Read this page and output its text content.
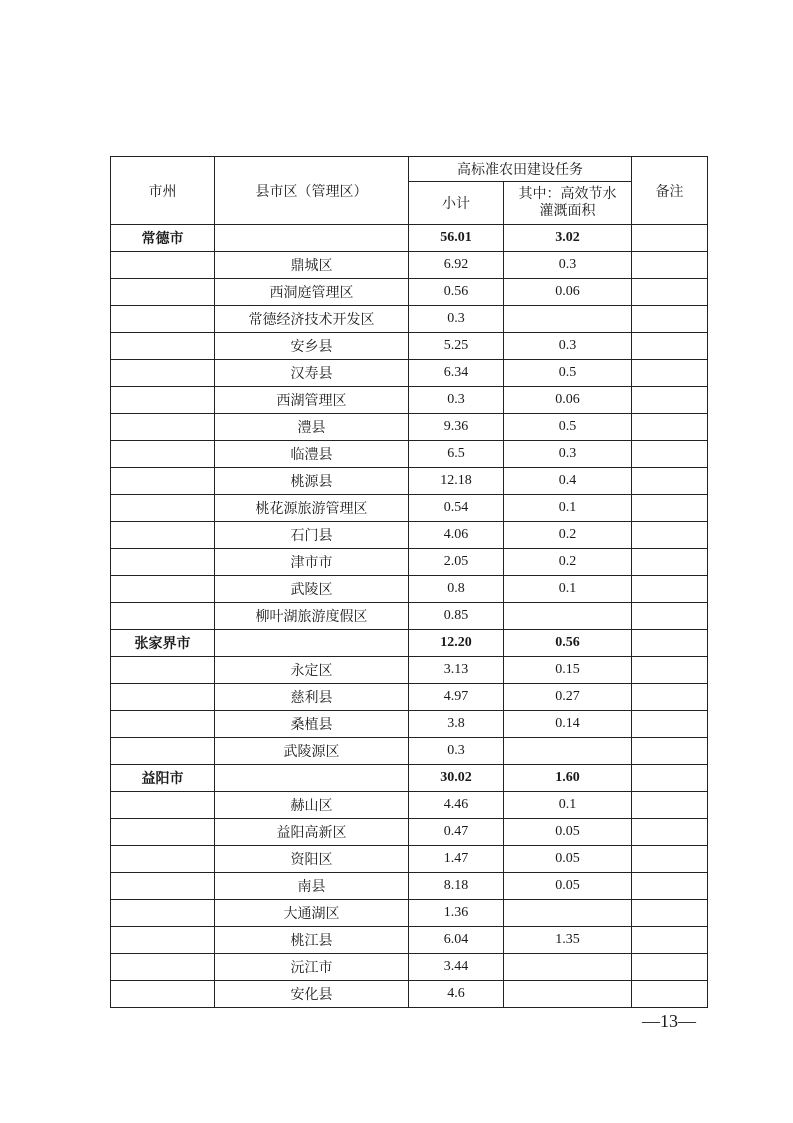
市州	县市区（管理区）	高标准农田建设任务		备注
		小计	其中：高效节水
灌溉面积	

常德市		56.01	3.02	
	鼎城区	6.92	0.3	
	西洞庭管理区	0.56	0.06	
	常德经济技术开发区	0.3		
	安乡县	5.25	0.3	
	汉寿县	6.34	0.5	
	西湖管理区	0.3	0.06	
	澧县	9.36	0.5	
	临澧县	6.5	0.3	
	桃源县	12.18	0.4	
	桃花源旅游管理区	0.54	0.1	
	石门县	4.06	0.2	
	津市市	2.05	0.2	
	武陵区	0.8	0.1	
	柳叶湖旅游度假区	0.85		
张家界市		12.20	0.56	
	永定区	3.13	0.15	
	慈利县	4.97	0.27	
	桑植县	3.8	0.14	
	武陵源区	0.3		
益阳市		30.02	1.60	
	赫山区	4.46	0.1	
	益阳高新区	0.47	0.05	
	资阳区	1.47	0.05	
	南县	8.18	0.05	
	大通湖区	1.36		
	桃江县	6.04	1.35	
	沅江市	3.44		
	安化县	4.6		
—13—
